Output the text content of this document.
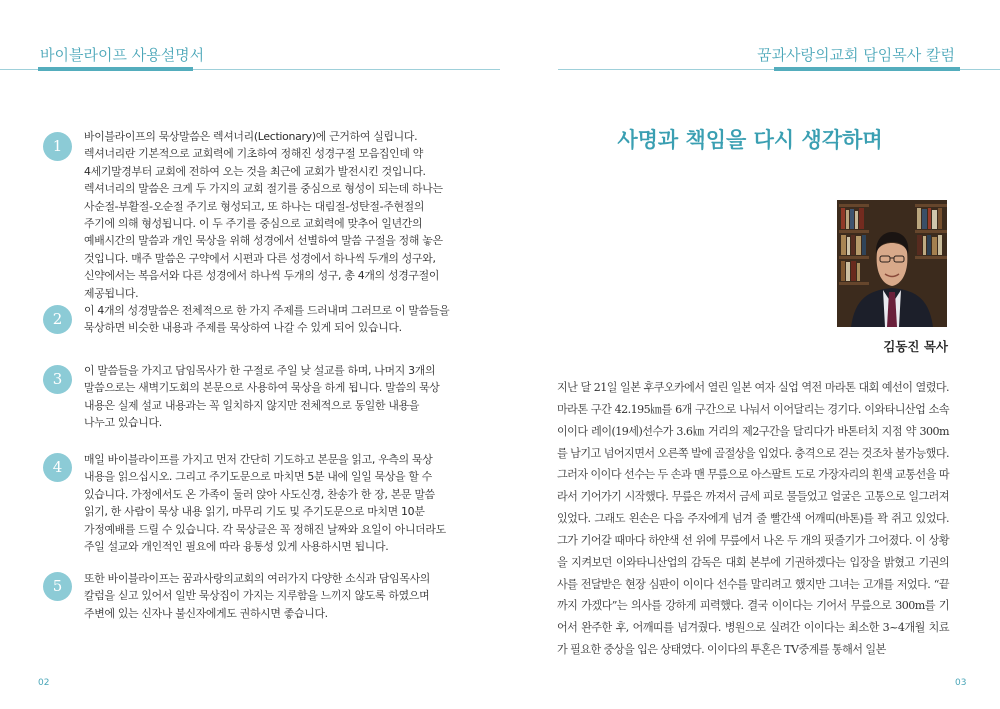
바이블라이프 사용설명서
1
바이블라이프의 묵상말씀은 렉셔너리(Lectionary)에 근거하여 실립니다. 렉셔너리란 기본적으로 교회력에 기초하여 정해진 성경구절 모음집인데 약 4세기말경부터 교회에 전하여 오는 것을 최근에 교회가 발전시킨 것입니다. 렉셔너리의 말씀은 크게 두 가지의 교회 절기를 중심으로 형성이 되는데 하나는 사순절-부활절-오순절 주기로 형성되고, 또 하나는 대림절-성탄절-주현절의 주기에 의해 형성됩니다. 이 두 주기를 중심으로 교회력에 맞추어 일년간의 예배시간의 말씀과 개인 묵상을 위해 성경에서 선별하여 말씀 구절을 정해 놓은 것입니다. 매주 말씀은 구약에서 시편과 다른 성경에서 하나씩 두개의 성구와, 신약에서는 복음서와 다른 성경에서 하나씩 두개의 성구, 총 4개의 성경구절이 제공됩니다.
2	이 4개의 성경말씀은 전체적으로 한 가지 주제를 드러내며 그러므로 이 말씀들을 묵상하면 비슷한 내용과 주제를 묵상하여 나갈 수 있게 되어 있습니다.
3	이 말씀들을 가지고 담임목사가 한 구절로 주일 낮 설교를 하며, 나머지 3개의 말씀으로는 새벽기도회의 본문으로 사용하여 묵상을 하게 됩니다. 말씀의 묵상 내용은 실제 설교 내용과는 꼭 일치하지 않지만 전체적으로 동일한 내용을 나누고 있습니다.
4	매일 바이블라이프를 가지고 먼저 간단히 기도하고 본문을 읽고, 우측의 묵상 내용을 읽으십시오. 그리고 주기도문으로 마치면 5분 내에 일일 묵상을 할 수 있습니다. 가정에서도 온 가족이 둘러 앉아 사도신경, 찬송가 한 장, 본문 말씀 읽기, 한 사람이 묵상 내용 읽기, 마무리 기도 및 주기도문으로 마치면 10분 가정예배를 드릴 수 있습니다. 각 묵상글은 꼭 정해진 날짜와 요일이 아니더라도 주일 설교와 개인적인 필요에 따라 융통성 있게 사용하시면 됩니다.
5	또한 바이블라이프는 꿈과사랑의교회의 여러가지 다양한 소식과 담임목사의 칼럼을 싣고 있어서 일반 묵상집이 가지는 지루함을 느끼지 않도록 하였으며 주변에 있는 신자나 불신자에게도 권하시면 좋습니다.
02
꿈과사랑의교회 담임목사 칼럼
사명과 책임을 다시 생각하며
김동진 목사
지난 달 21일 일본 후쿠오카에서 열린 일본 여자 실업 역전 마라톤 대회 예선이 열렸다. 마라톤 구간 42.195㎞를 6개 구간으로 나눠서 이어달리는 경기다. 이와타니산업 소속 이이다 레이(19세)선수가 3.6㎞ 거리의 제2구간을 달리다가 바톤터치 지점 약 300m를 남기고 넘어지면서 오른쪽 발에 골절상을 입었다. 충격으로 걷는 것조차 불가능했다. 그러자 이이다 선수는 두 손과 맨 무릎으로 아스팔트 도로 가장자리의 흰색 교통선을 따라서 기어가기 시작했다. 무릎은 까져서 금세 피로 물들었고 얼굴은 고통으로 일그러져 있었다. 그래도 왼손은 다음 주자에게 넘겨 줄 빨간색 어깨띠(바톤)를 꽉 쥐고 있었다. 그가 기어갈 때마다 하얀색 선 위에 무릎에서 나온 두 개의 핏줄기가 그어졌다. 이 상황을 지켜보던 이와타니산업의 감독은 대회 본부에 기권하겠다는 입장을 밝혔고 기권의사를 전달받은 현장 심판이 이이다 선수를 말리려고 했지만 그녀는 고개를 저었다. “끝까지 가겠다”는 의사를 강하게 피력했다. 결국 이이다는 기어서 무릎으로 300m를 기어서 완주한 후, 어깨띠를 넘겨줬다. 병원으로 실려간 이이다는 최소한 3~4개월 치료가 필요한 중상을 입은 상태였다. 이이다의 투혼은 TV중계를 통해서 일본
03
